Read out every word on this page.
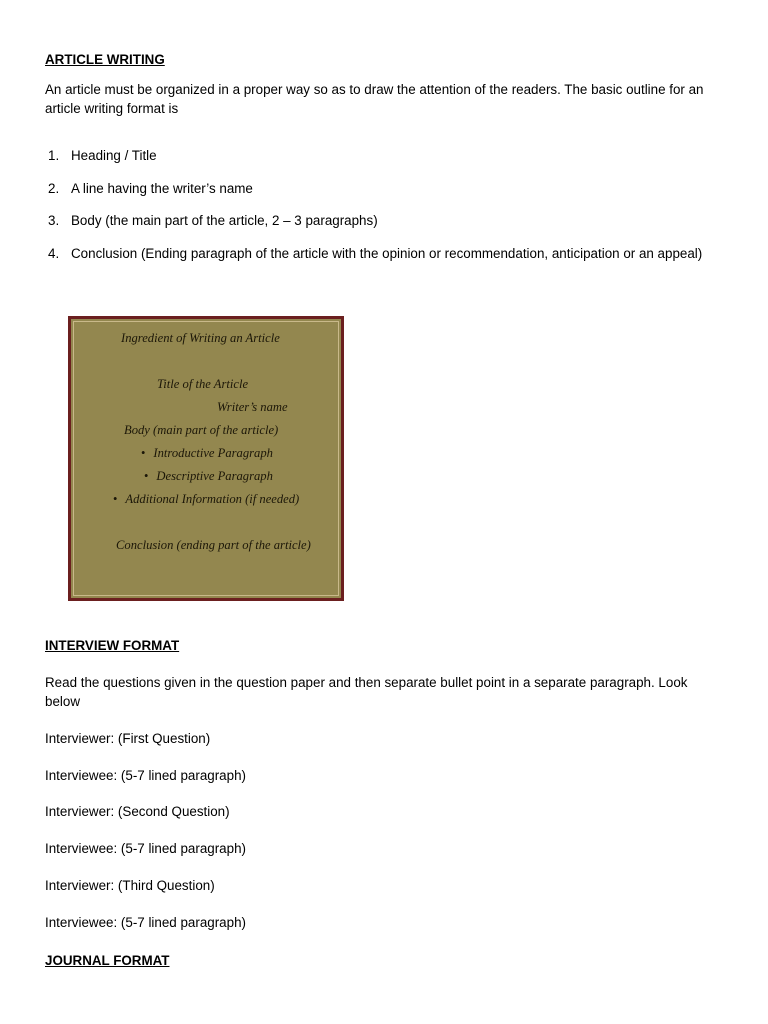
ARTICLE WRITING

An article must be organized in a proper way so as to draw the attention of the readers. The basic outline for an article writing format is

1. Heading / Title
2. A line having the writer’s name
3. Body (the main part of the article, 2 – 3 paragraphs)
4. Conclusion (Ending paragraph of the article with the opinion or recommendation, anticipation or an appeal)

Ingredient of Writing an Article

Title of the Article

Writer’s name

Body (main part of the article)

• Introductive Paragraph

• Descriptive Paragraph

• Additional Information (if needed)

Conclusion (ending part of the article)

INTERVIEW FORMAT

Read the questions given in the question paper and then separate bullet point in a separate paragraph. Look below

Interviewer: (First Question)

Interviewee: (5-7 lined paragraph)

Interviewer: (Second Question)

Interviewee: (5-7 lined paragraph)

Interviewer: (Third Question)

Interviewee: (5-7 lined paragraph)

JOURNAL FORMAT
